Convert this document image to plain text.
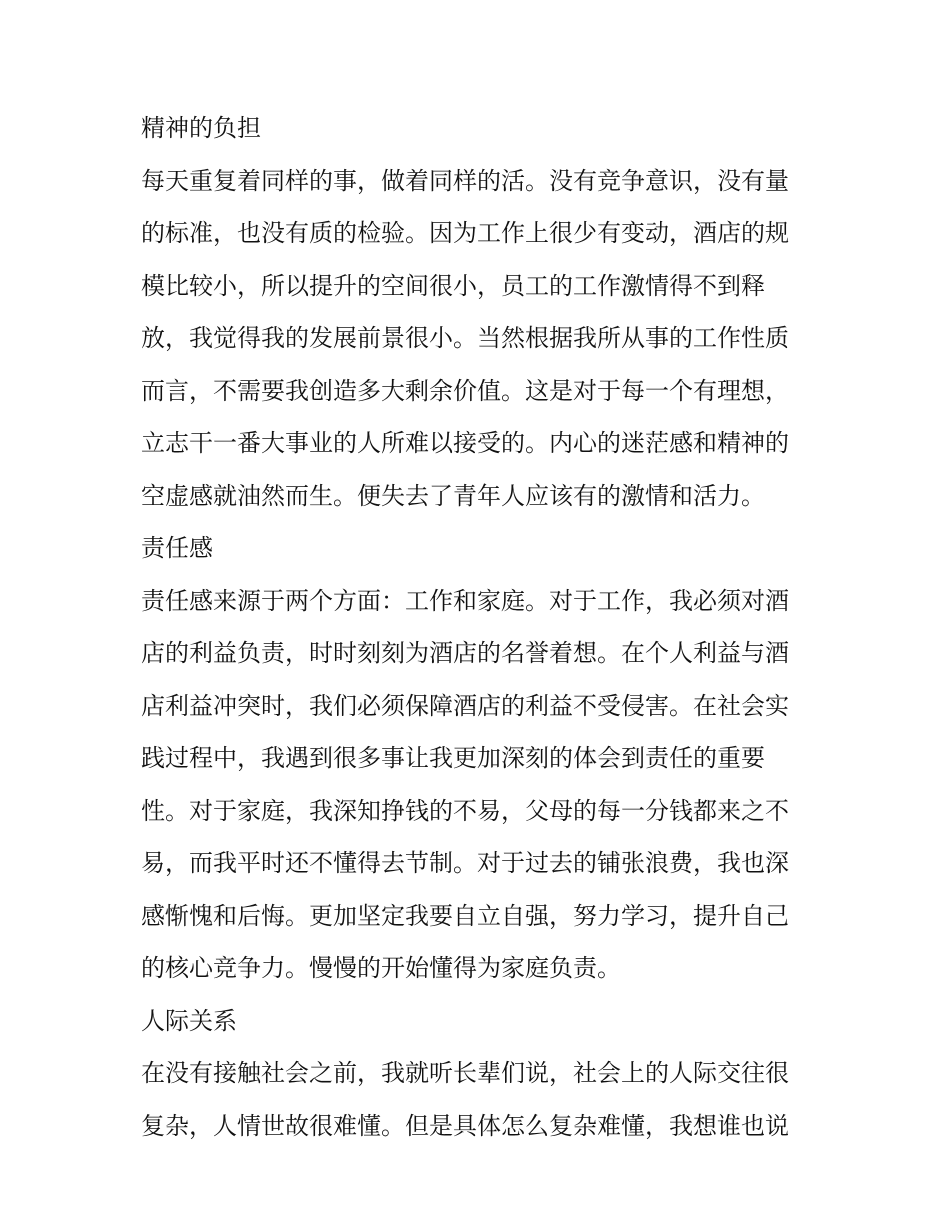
精神的负担
每天重复着同样的事，做着同样的活。没有竞争意识，没有量
的标准，也没有质的检验。因为工作上很少有变动，酒店的规
模比较小，所以提升的空间很小，员工的工作激情得不到释
放，我觉得我的发展前景很小。当然根据我所从事的工作性质
而言，不需要我创造多大剩余价值。这是对于每一个有理想，
立志干一番大事业的人所难以接受的。内心的迷茫感和精神的
空虚感就油然而生。便失去了青年人应该有的激情和活力。
责任感
责任感来源于两个方面：工作和家庭。对于工作，我必须对酒
店的利益负责，时时刻刻为酒店的名誉着想。在个人利益与酒
店利益冲突时，我们必须保障酒店的利益不受侵害。在社会实
践过程中，我遇到很多事让我更加深刻的体会到责任的重要
性。对于家庭，我深知挣钱的不易，父母的每一分钱都来之不
易，而我平时还不懂得去节制。对于过去的铺张浪费，我也深
感惭愧和后悔。更加坚定我要自立自强，努力学习，提升自己
的核心竞争力。慢慢的开始懂得为家庭负责。
人际关系
在没有接触社会之前，我就听长辈们说，社会上的人际交往很
复杂，人情世故很难懂。但是具体怎么复杂难懂，我想谁也说
